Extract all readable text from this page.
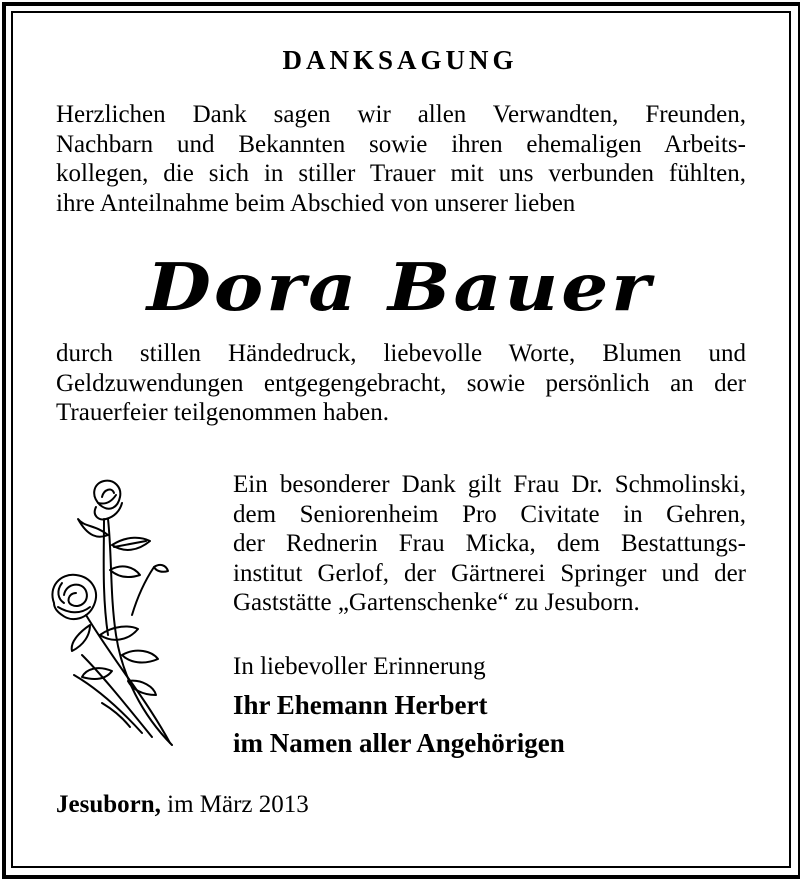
DANKSAGUNG
Herzlichen Dank sagen wir allen Verwandten, Freunden,
Nachbarn und Bekannten sowie ihren ehemaligen Arbeits-
kollegen, die sich in stiller Trauer mit uns verbunden fühlten,
ihre Anteilnahme beim Abschied von unserer lieben
Dora Bauer
durch stillen Händedruck, liebevolle Worte, Blumen und
Geldzuwendungen entgegengebracht, sowie persönlich an der
Trauerfeier teilgenommen haben.
Ein besonderer Dank gilt Frau Dr. Schmolinski,
dem Seniorenheim Pro Civitate in Gehren,
der Rednerin Frau Micka, dem Bestattungs-
institut Gerlof, der Gärtnerei Springer und der
Gaststätte „Gartenschenke“ zu Jesuborn.
In liebevoller Erinnerung
Ihr Ehemann Herbert
im Namen aller Angehörigen
Jesuborn, im März 2013
